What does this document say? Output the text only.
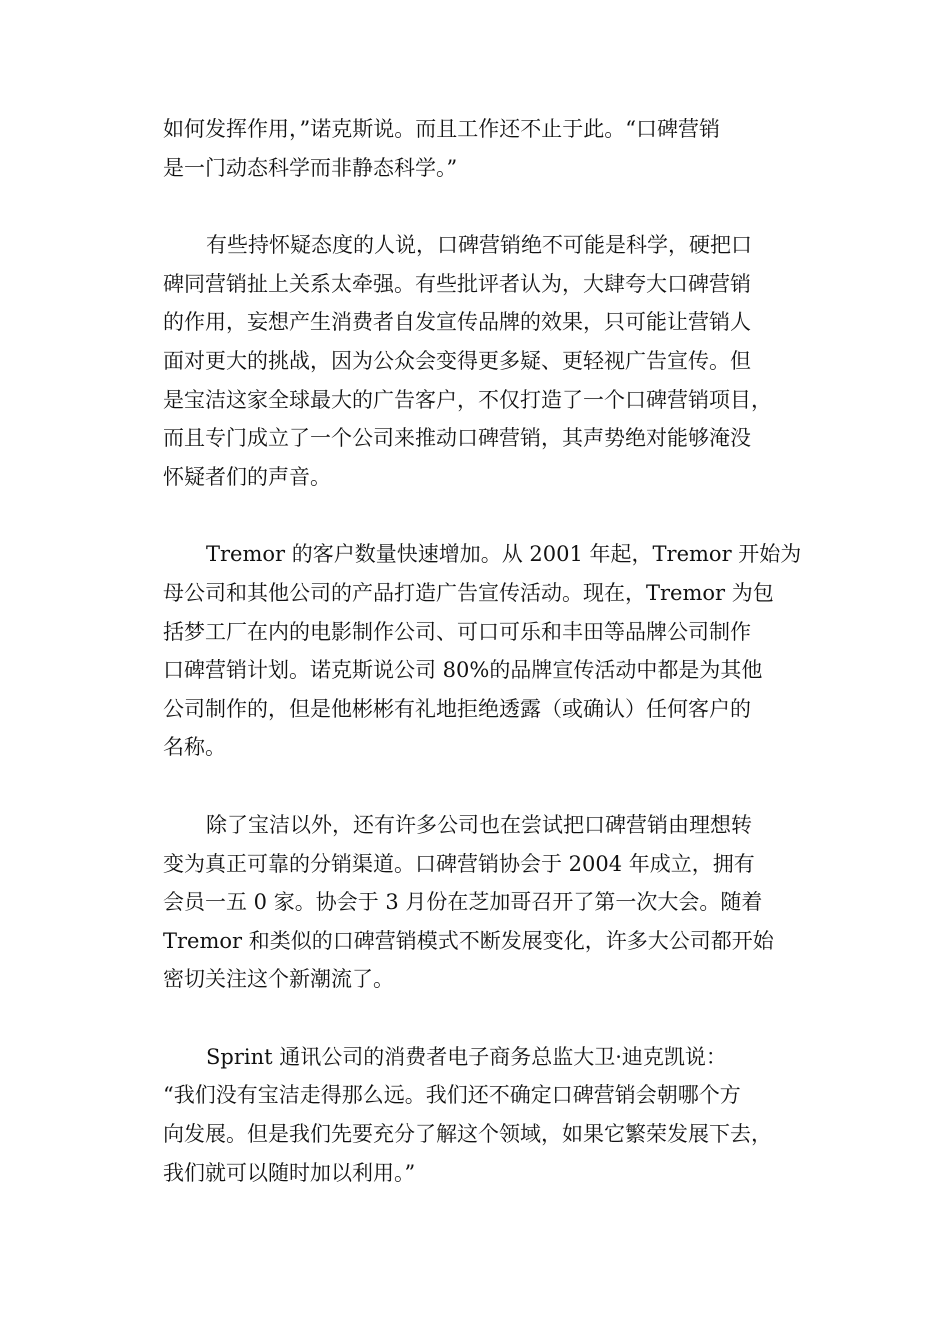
如何发挥作用，”诺克斯说。而且工作还不止于此。“口碑营销
是一门动态科学而非静态科学。”

有些持怀疑态度的人说，口碑营销绝不可能是科学，硬把口
碑同营销扯上关系太牵强。有些批评者认为，大肆夸大口碑营销
的作用，妄想产生消费者自发宣传品牌的效果，只可能让营销人
面对更大的挑战，因为公众会变得更多疑、更轻视广告宣传。但
是宝洁这家全球最大的广告客户，不仅打造了一个口碑营销项目，
而且专门成立了一个公司来推动口碑营销，其声势绝对能够淹没
怀疑者们的声音。

Tremor 的客户数量快速增加。从 2001 年起，Tremor 开始为
母公司和其他公司的产品打造广告宣传活动。现在，Tremor 为包
括梦工厂在内的电影制作公司、可口可乐和丰田等品牌公司制作
口碑营销计划。诺克斯说公司 80%的品牌宣传活动中都是为其他
公司制作的，但是他彬彬有礼地拒绝透露（或确认）任何客户的
名称。

除了宝洁以外，还有许多公司也在尝试把口碑营销由理想转
变为真正可靠的分销渠道。口碑营销协会于 2004 年成立，拥有
会员一五 0 家。协会于 3 月份在芝加哥召开了第一次大会。随着
Tremor 和类似的口碑营销模式不断发展变化，许多大公司都开始
密切关注这个新潮流了。

Sprint 通讯公司的消费者电子商务总监大卫·迪克凯说：
“我们没有宝洁走得那么远。我们还不确定口碑营销会朝哪个方
向发展。但是我们先要充分了解这个领域，如果它繁荣发展下去，
我们就可以随时加以利用。”
